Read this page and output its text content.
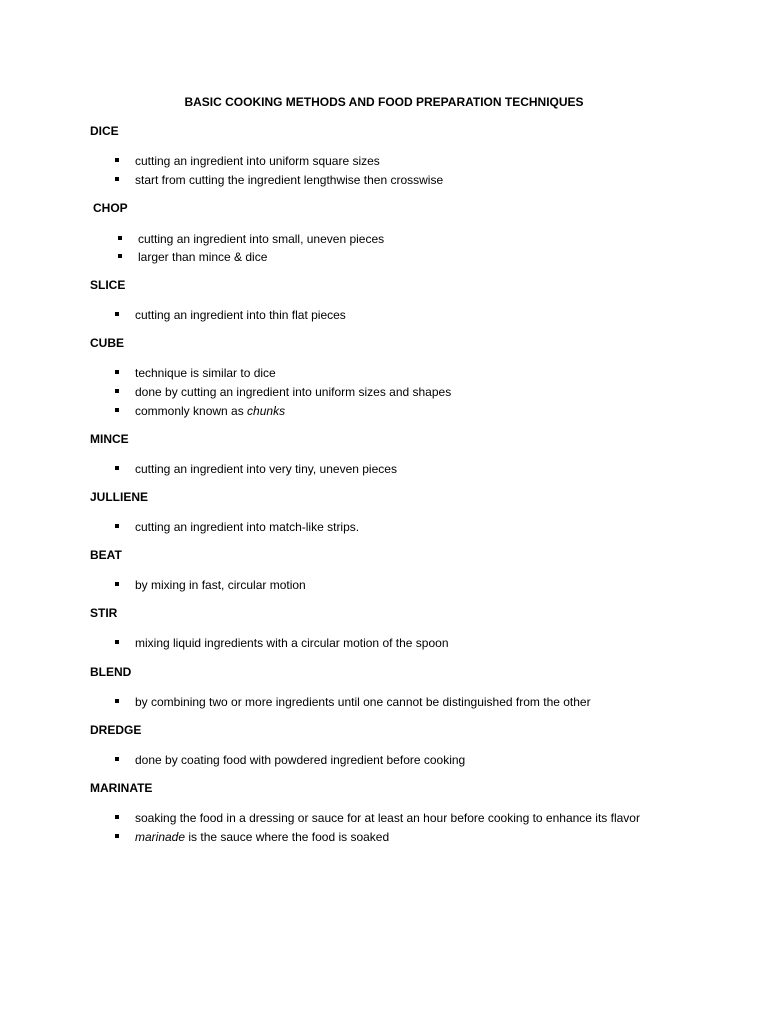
BASIC COOKING METHODS AND FOOD PREPARATION TECHNIQUES
DICE
cutting an ingredient into uniform square sizes
start from cutting the ingredient lengthwise then crosswise
CHOP
cutting an ingredient into small, uneven pieces
larger than mince & dice
SLICE
cutting an ingredient into thin flat pieces
CUBE
technique is similar to dice
done by cutting an ingredient into uniform sizes and shapes
commonly known as chunks
MINCE
cutting an ingredient into very tiny, uneven pieces
JULLIENE
cutting an ingredient into match-like strips.
BEAT
by mixing in fast, circular motion
STIR
mixing liquid ingredients with a circular motion of the spoon
BLEND
by combining two or more ingredients until one cannot be distinguished from the other
DREDGE
done by coating food with powdered ingredient before cooking
MARINATE
soaking the food in a dressing or sauce for at least an hour before cooking to enhance its flavor
marinade is the sauce where the food is soaked
